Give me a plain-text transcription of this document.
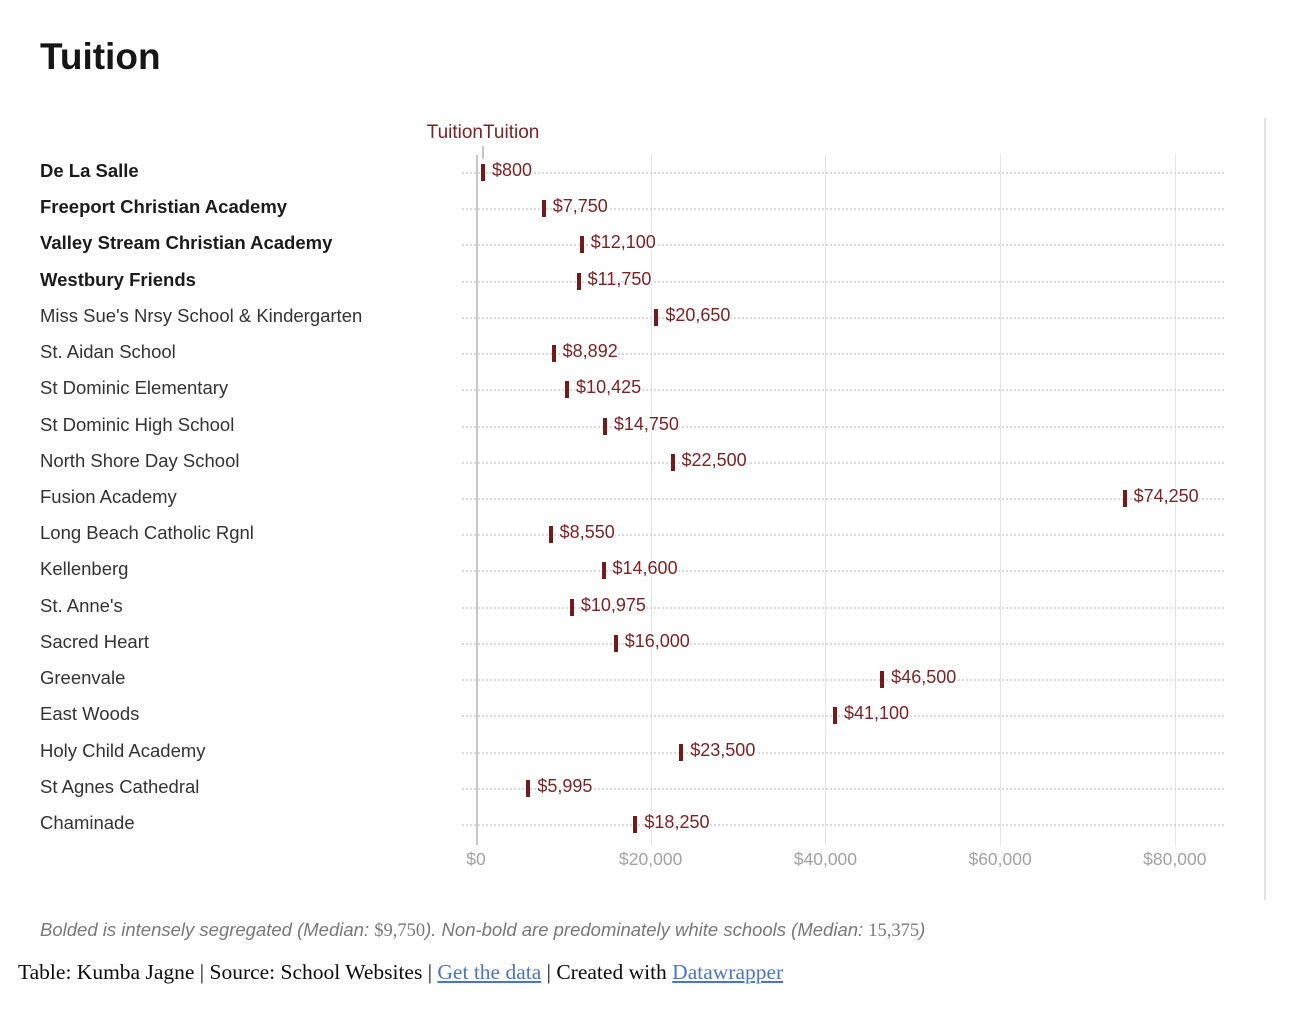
Tuition
Tuition Tuition
$0	$20,000	$40,000	$60,000	$80,000
De La Salle	$800
Freeport Christian Academy	$7,750
Valley Stream Christian Academy	$12,100
Westbury Friends	$11,750
Miss Sue's Nrsy School & Kindergarten	$20,650
St. Aidan School	$8,892
St Dominic Elementary	$10,425
St Dominic High School	$14,750
North Shore Day School	$22,500
Fusion Academy	$74,250
Long Beach Catholic Rgnl	$8,550
Kellenberg	$14,600
St. Anne's	$10,975
Sacred Heart	$16,000
Greenvale	$46,500
East Woods	$41,100
Holy Child Academy	$23,500
St Agnes Cathedral	$5,995
Chaminade	$18,250
Bolded is intensely segregated (Median: $9,750). Non-bold are predominately white schools (Median: 15,375)
Table: Kumba Jagne | Source: School Websites | Get the data | Created with Datawrapper
